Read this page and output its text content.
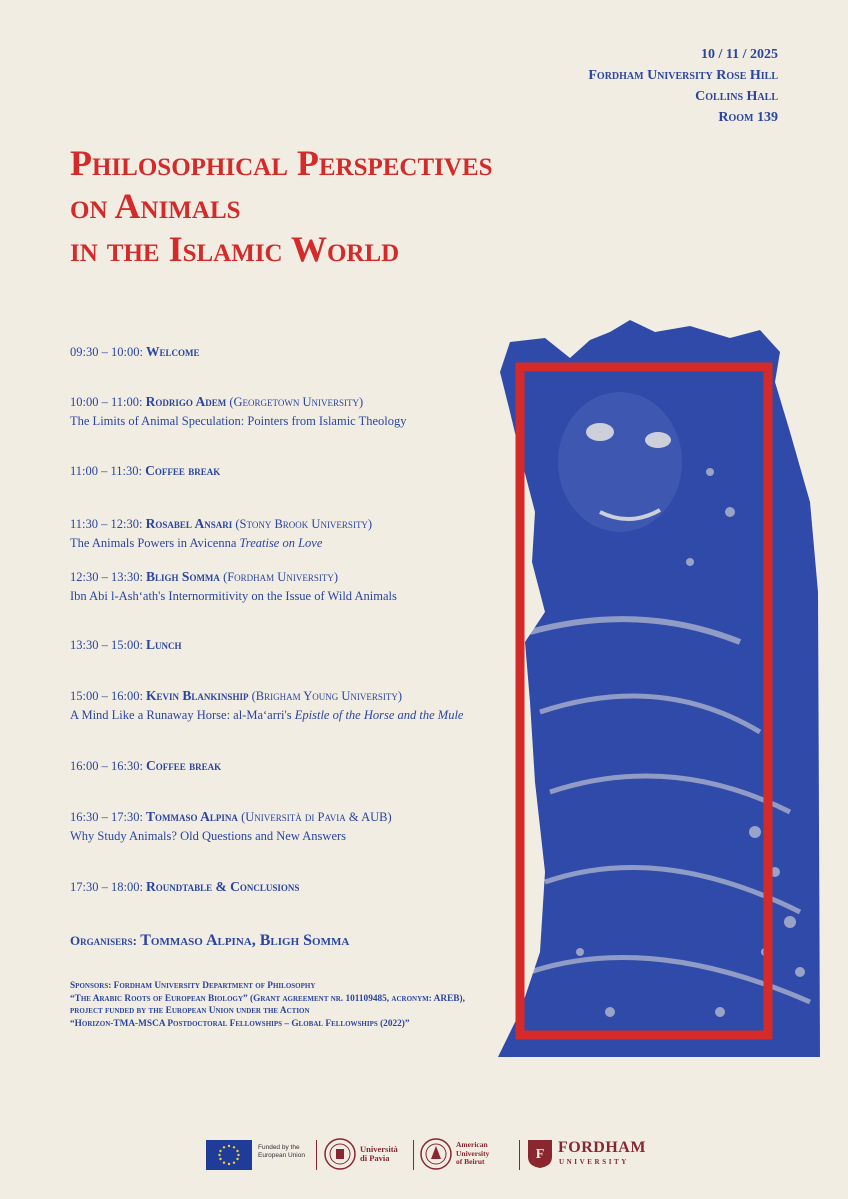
10 / 11 / 2025
Fordham University Rose Hill
Collins Hall
Room 139
Philosophical Perspectives
on Animals
in the Islamic World
09:30 – 10:00: Welcome
10:00 – 11:00: Rodrigo Adem (Georgetown University)
The Limits of Animal Speculation: Pointers from Islamic Theology
11:00 – 11:30: Coffee break
11:30 – 12:30: Rosabel Ansari (Stony Brook University)
The Animals Powers in Avicenna Treatise on Love
12:30 – 13:30: Bligh Somma (Fordham University)
Ibn Abi l-Ash‘ath's Internormitivity on the Issue of Wild Animals
13:30 – 15:00: Lunch
15:00 – 16:00: Kevin Blankinship (Brigham Young University)
A Mind Like a Runaway Horse: al-Ma‘arri's Epistle of the Horse and the Mule
16:00 – 16:30: Coffee break
16:30 – 17:30: Tommaso Alpina (Università di Pavia & AUB)
Why Study Animals? Old Questions and New Answers
17:30 – 18:00: Roundtable & Conclusions
Organisers: Tommaso Alpina, Bligh Somma
Sponsors: Fordham University Department of Philosophy
“The Arabic Roots of European Biology” (Grant agreement nr. 101109485, acronym: AREB),
project funded by the European Union under the Action
“Horizon-TMA-MSCA Postdoctoral Fellowships – Global Fellowships (2022)”
Funded by the European Union
Università
di Pavia
American
University
of Beirut	F FORDHAM
UNIVERSITY
